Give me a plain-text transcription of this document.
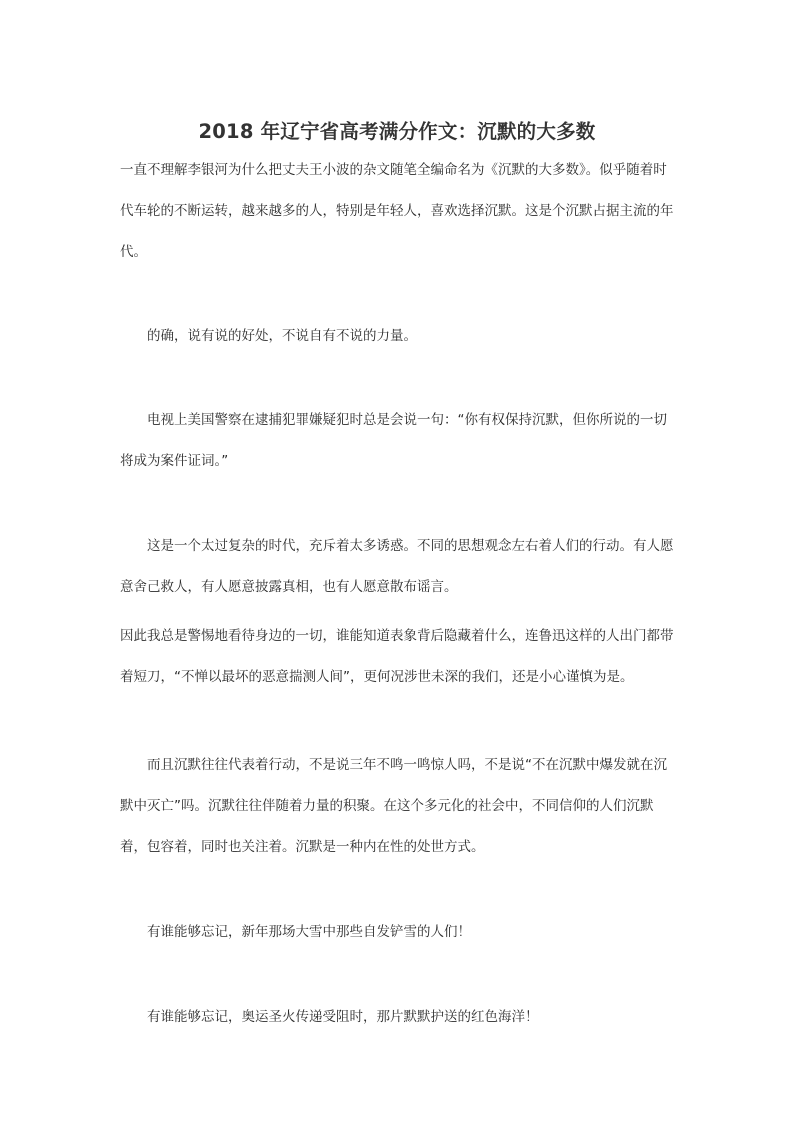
2018 年辽宁省高考满分作文：沉默的大多数

一直不理解李银河为什么把丈夫王小波的杂文随笔全编命名为《沉默的大多数》。似乎随着时代车轮的不断运转，越来越多的人，特别是年轻人，喜欢选择沉默。这是个沉默占据主流的年代。

的确，说有说的好处，不说自有不说的力量。

电视上美国警察在逮捕犯罪嫌疑犯时总是会说一句：“你有权保持沉默，但你所说的一切将成为案件证词。”

这是一个太过复杂的时代，充斥着太多诱惑。不同的思想观念左右着人们的行动。有人愿意舍己救人，有人愿意披露真相，也有人愿意散布谣言。

因此我总是警惕地看待身边的一切，谁能知道表象背后隐藏着什么，连鲁迅这样的人出门都带着短刀，“不惮以最坏的恶意揣测人间”，更何况涉世未深的我们，还是小心谨慎为是。

而且沉默往往代表着行动，不是说三年不鸣一鸣惊人吗，不是说“不在沉默中爆发就在沉默中灭亡”吗。沉默往往伴随着力量的积聚。在这个多元化的社会中，不同信仰的人们沉默着，包容着，同时也关注着。沉默是一种内在性的处世方式。

有谁能够忘记，新年那场大雪中那些自发铲雪的人们！

有谁能够忘记，奥运圣火传递受阻时，那片默默护送的红色海洋！
